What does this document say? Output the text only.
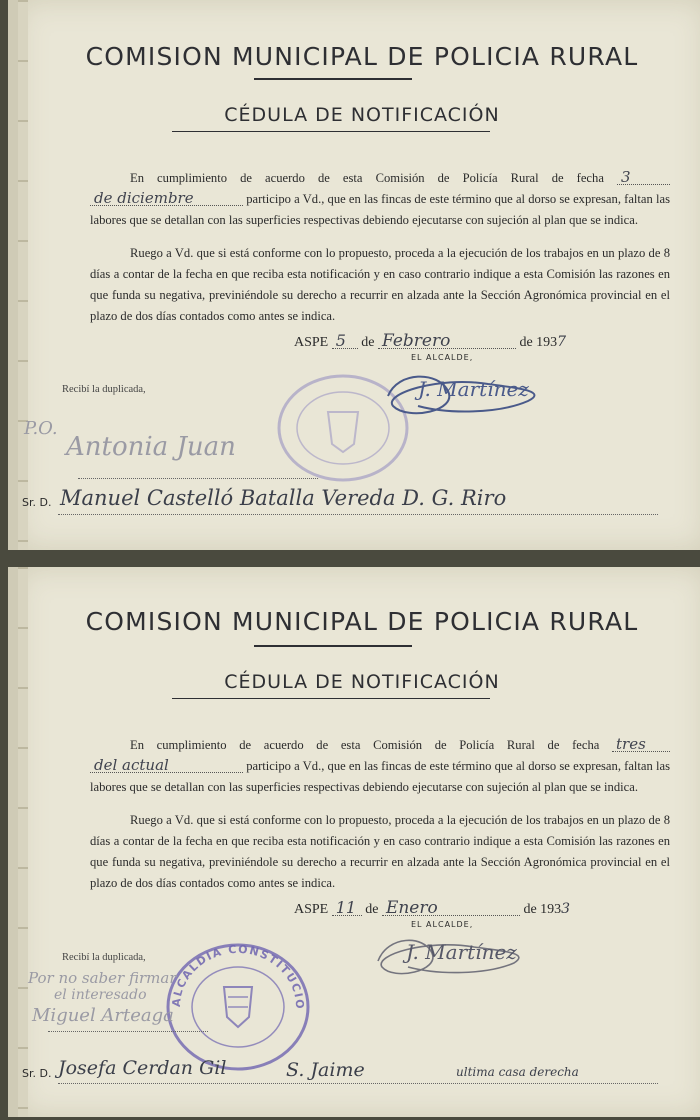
COMISION MUNICIPAL DE POLICIA RURAL
CÉDULA DE NOTIFICACIÓN

En cumplimiento de acuerdo de esta Comisión de Policía Rural de fecha 3 de diciembre	participo a Vd., que en las fincas de este término que al dorso se expresan, faltan las labores que se detallan con las superficies respectivas debiendo ejecutarse con sujeción al plan que se indica.

Ruego a Vd. que si está conforme con lo propuesto, proceda a la ejecución de los trabajos en un plazo de 8 días a contar de la fecha en que reciba esta notificación y en caso contrario indique a esta Comisión las razones en que funda su negativa, previniéndole su derecho a recurrir en alzada ante la Sección Agronómica provincial en el plazo de dos días contados como antes se indica.

ASPE 5 de Febrero	de 1937
EL ALCALDE,
J. Martínez
Recibí la duplicada,
P.O.
Antonia Juan
Sr. D. Manuel Castelló Batalla Vereda D. G. Riro
COMISION MUNICIPAL DE POLICIA RURAL
CÉDULA DE NOTIFICACIÓN

En cumplimiento de acuerdo de esta Comisión de Policía Rural de fecha tres del actual	participo a Vd., que en las fincas de este término que al dorso se expresan, faltan las labores que se detallan con las superficies respectivas debiendo ejecutarse con sujeción al plan que se indica.

Ruego a Vd. que si está conforme con lo propuesto, proceda a la ejecución de los trabajos en un plazo de 8 días a contar de la fecha en que reciba esta notificación y en caso contrario indique a esta Comisión las razones en que funda su negativa, previniéndole su derecho a recurrir en alzada ante la Sección Agronómica provincial en el plazo de dos días contados como antes se indica.

ASPE 11 de Enero	de 1933
EL ALCALDE,
ALCALDIA CONSTITUCIONAL
J. Martínez
Recibí la duplicada,
Por no saber firmar
el interesado
Miguel Arteaga
Sr. D. Josefa Cerdan Gil	S. Jaime	ultima casa derecha
